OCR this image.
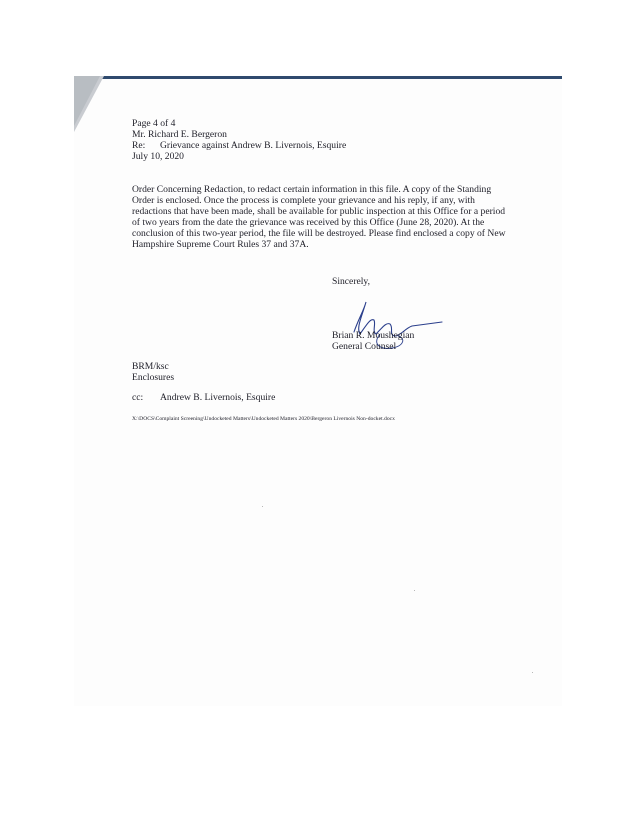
Page 4 of 4
Mr. Richard E. Bergeron
Re:	Grievance against Andrew B. Livernois, Esquire
July 10, 2020
Order Concerning Redaction, to redact certain information in this file. A copy of the Standing Order is enclosed. Once the process is complete your grievance and his reply, if any, with redactions that have been made, shall be available for public inspection at this Office for a period of two years from the date the grievance was received by this Office (June 28, 2020). At the conclusion of this two-year period, the file will be destroyed. Please find enclosed a copy of New Hampshire Supreme Court Rules 37 and 37A.
Sincerely,
Brian R. Moushegian
General Counsel
BRM/ksc
Enclosures
cc:	Andrew B. Livernois, Esquire
X:\DOCS\Complaint Screening\Undocketed Matters\Undocketed Matters 2020\Bergeron Livernois Non-docket.docx
